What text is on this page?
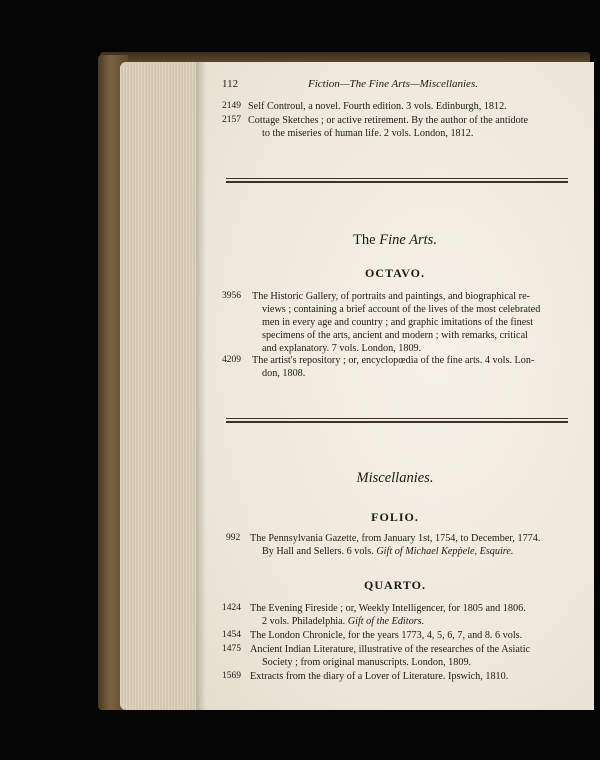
112	Fiction—The Fine Arts—Miscellanies.
2149 Self Controul, a novel. Fourth edition. 3 vols. Edinburgh, 1812.
2157 Cottage Sketches ; or active retirement. By the author of the antidote
to the miseries of human life. 2 vols. London, 1812.
The Fine Arts.
OCTAVO.
3956	The Historic Gallery, of portraits and paintings, and biographical re-
views ; containing a brief account of the lives of the most celebrated
men in every age and country ; and graphic imitations of the finest
specimens of the arts, ancient and modern ; with remarks, critical
and explanatory. 7 vols. London, 1809.
4209	The artist's repository ; or, encyclopœdia of the fine arts. 4 vols. Lon-
don, 1808.
Miscellanies.
FOLIO.
992 The Pennsylvania Gazette, from January 1st, 1754, to December, 1774.
By Hall and Sellers. 6 vols. Gift of Michael Kepṗele, Esquire.
QUARTO.
1424 The Evening Fireside ; or, Weekly Intelligencer, for 1805 and 1806.
2 vols. Philadelphia. Gift of the Editors.
1454 The London Chronicle, for the years 1773, 4, 5, 6, 7, and 8. 6 vols.
1475 Ancient Indian Literature, illustrative of the researches of the Asiatic
Society ; from original manuscripts. London, 1809.
1569 Extracts from the diary of a Lover of Literature. Ipswich, 1810.
